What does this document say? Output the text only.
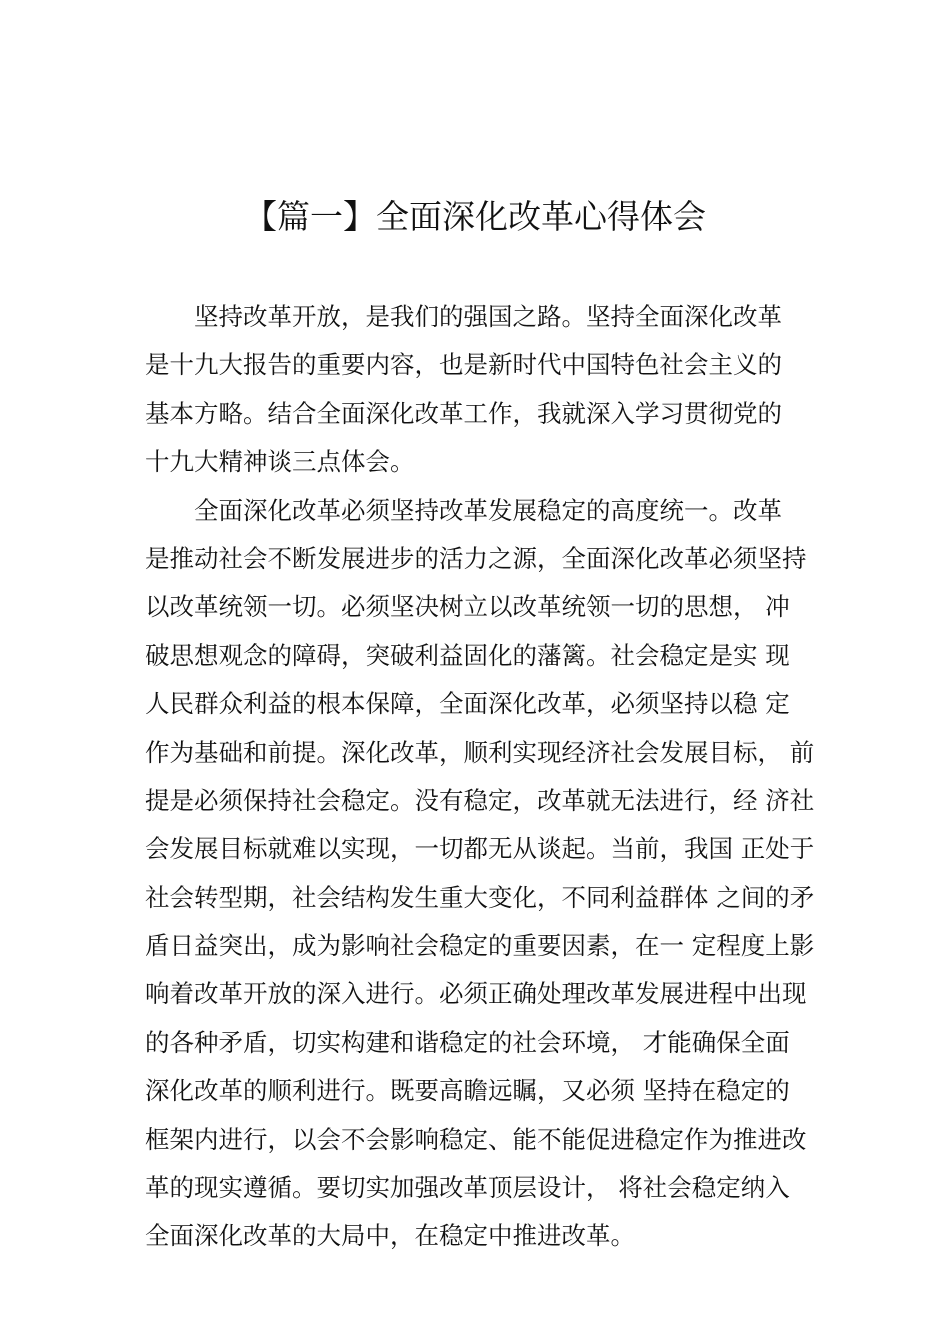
【篇一】全面深化改革心得体会
坚持改革开放，是我们的强国之路。坚持全面深化改革
是十九大报告的重要内容，也是新时代中国特色社会主义的
基本方略。结合全面深化改革工作，我就深入学习贯彻党的
十九大精神谈三点体会。
全面深化改革必须坚持改革发展稳定的高度统一。改革
是推动社会不断发展进步的活力之源，全面深化改革必须坚持
以改革统领一切。必须坚决树立以改革统领一切的思想， 冲
破思想观念的障碍，突破利益固化的藩篱。社会稳定是实 现
人民群众利益的根本保障，全面深化改革，必须坚持以稳 定
作为基础和前提。深化改革，顺利实现经济社会发展目标， 前
提是必须保持社会稳定。没有稳定，改革就无法进行，经 济社
会发展目标就难以实现，一切都无从谈起。当前，我国 正处于
社会转型期，社会结构发生重大变化，不同利益群体 之间的矛
盾日益突出，成为影响社会稳定的重要因素，在一 定程度上影
响着改革开放的深入进行。必须正确处理改革发展进程中出现
的各种矛盾，切实构建和谐稳定的社会环境， 才能确保全面
深化改革的顺利进行。既要高瞻远瞩，又必须 坚持在稳定的
框架内进行，以会不会影响稳定、能不能促进稳定作为推进改
革的现实遵循。要切实加强改革顶层设计， 将社会稳定纳入
全面深化改革的大局中，在稳定中推进改革。
